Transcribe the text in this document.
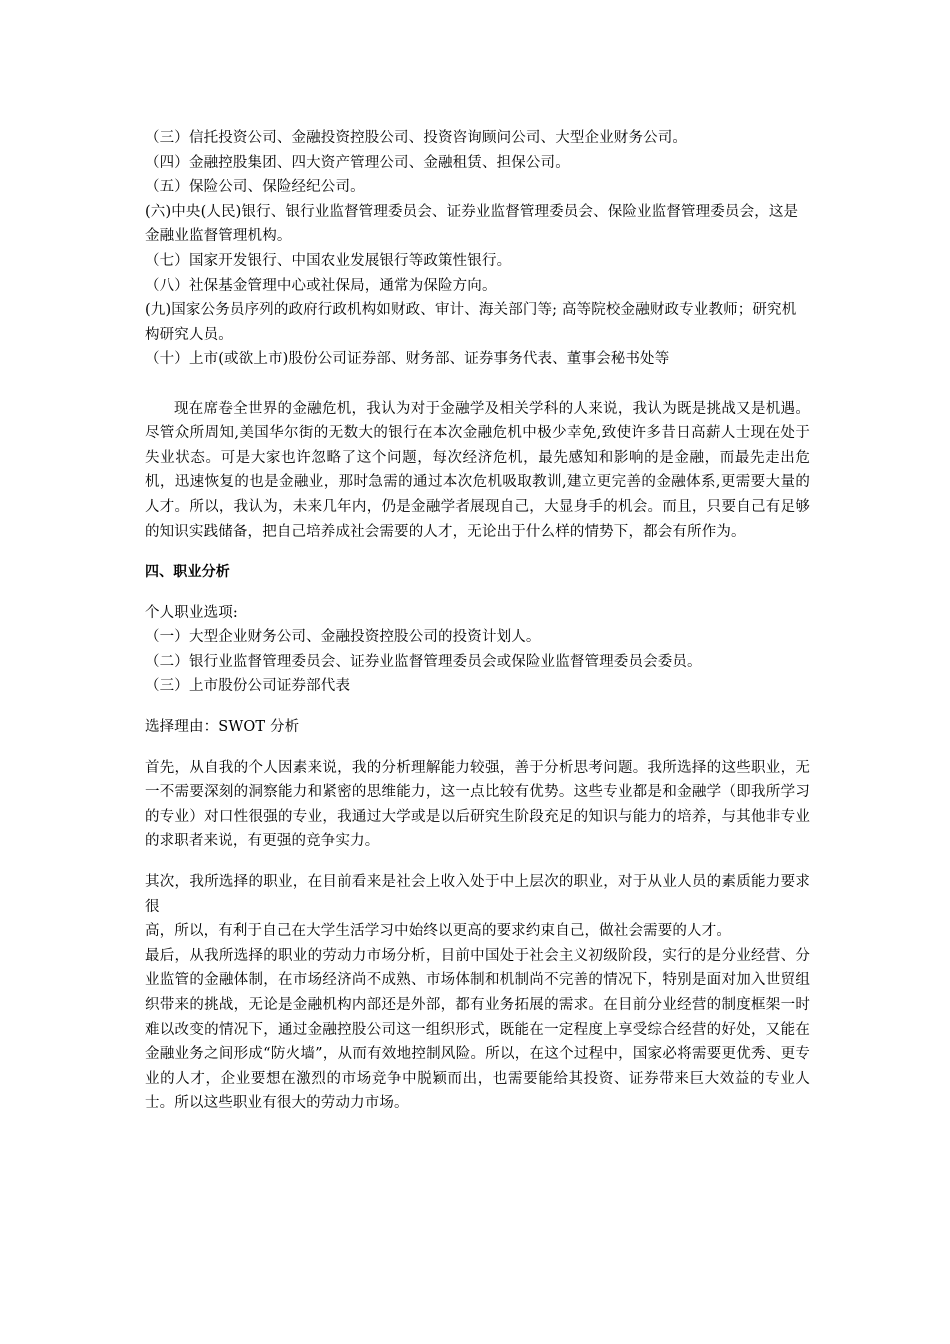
（三）信托投资公司、金融投资控股公司、投资咨询顾问公司、大型企业财务公司。

（四）金融控股集团、四大资产管理公司、金融租赁、担保公司。

（五）保险公司、保险经纪公司。

(六)中央(人民)银行、银行业监督管理委员会、证券业监督管理委员会、保险业监督管理委员会，这是金融业监督管理机构。

（七）国家开发银行、中国农业发展银行等政策性银行。

（八）社保基金管理中心或社保局，通常为保险方向。

(九)国家公务员序列的政府行政机构如财政、审计、海关部门等; 高等院校金融财政专业教师；研究机构研究人员。

（十）上市(或欲上市)股份公司证券部、财务部、证券事务代表、董事会秘书处等

现在席卷全世界的金融危机，我认为对于金融学及相关学科的人来说，我认为既是挑战又是机遇。尽管众所周知,美国华尔街的无数大的银行在本次金融危机中极少幸免,致使许多昔日高薪人士现在处于失业状态。可是大家也许忽略了这个问题，每次经济危机，最先感知和影响的是金融，而最先走出危机，迅速恢复的也是金融业，那时急需的通过本次危机吸取教训,建立更完善的金融体系,更需要大量的人才。所以，我认为，未来几年内，仍是金融学者展现自己，大显身手的机会。而且，只要自己有足够的知识实践储备，把自己培养成社会需要的人才，无论出于什么样的情势下，都会有所作为。

四、职业分析

个人职业选项:

（一）大型企业财务公司、金融投资控股公司的投资计划人。

（二）银行业监督管理委员会、证券业监督管理委员会或保险业监督管理委员会委员。

（三）上市股份公司证券部代表

选择理由：SWOT 分析

首先，从自我的个人因素来说，我的分析理解能力较强，善于分析思考问题。我所选择的这些职业，无一不需要深刻的洞察能力和紧密的思维能力，这一点比较有优势。这些专业都是和金融学（即我所学习的专业）对口性很强的专业，我通过大学或是以后研究生阶段充足的知识与能力的培养，与其他非专业的求职者来说，有更强的竞争实力。

其次，我所选择的职业，在目前看来是社会上收入处于中上层次的职业，对于从业人员的素质能力要求很

高，所以，有利于自己在大学生活学习中始终以更高的要求约束自己，做社会需要的人才。

最后，从我所选择的职业的劳动力市场分析，目前中国处于社会主义初级阶段，实行的是分业经营、分业监管的金融体制，在市场经济尚不成熟、市场体制和机制尚不完善的情况下，特别是面对加入世贸组织带来的挑战，无论是金融机构内部还是外部，都有业务拓展的需求。在目前分业经营的制度框架一时难以改变的情况下，通过金融控股公司这一组织形式，既能在一定程度上享受综合经营的好处，又能在金融业务之间形成“防火墙”，从而有效地控制风险。所以，在这个过程中，国家必将需要更优秀、更专业的人才，企业要想在激烈的市场竞争中脱颖而出，也需要能给其投资、证券带来巨大效益的专业人士。所以这些职业有很大的劳动力市场。
